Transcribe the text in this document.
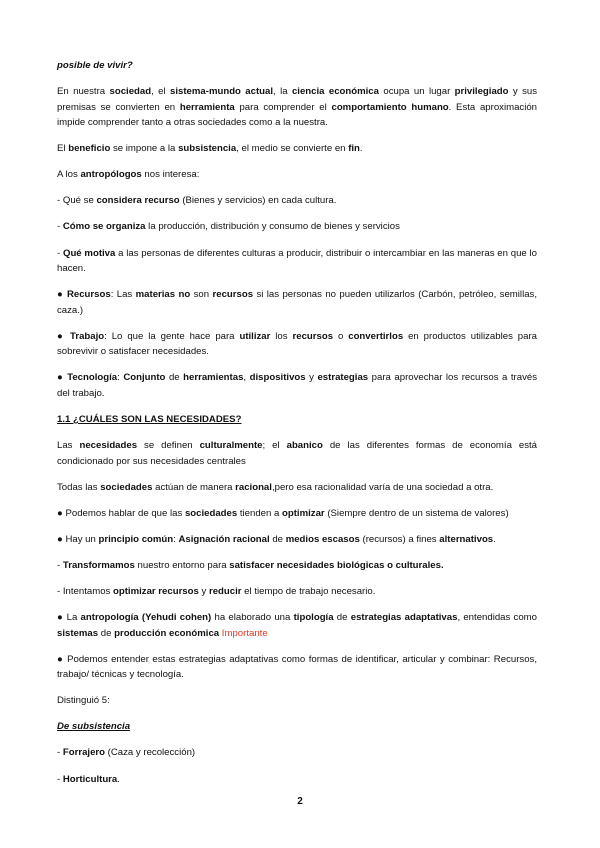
posible de vivir?

En nuestra sociedad, el sistema-mundo actual, la ciencia económica ocupa un lugar privilegiado y sus premisas se convierten en herramienta para comprender el comportamiento humano. Esta aproximación impide comprender tanto a otras sociedades como a la nuestra.

El beneficio se impone a la subsistencia, el medio se convierte en fin.

A los antropólogos nos interesa:

- Qué se considera recurso (Bienes y servicios) en cada cultura.

- Cómo se organiza la producción, distribución y consumo de bienes y servicios

- Qué motiva a las personas de diferentes culturas a producir, distribuir o intercambiar en las maneras en que lo hacen.

● Recursos: Las materias no son recursos si las personas no pueden utilizarlos (Carbón, petróleo, semillas, caza.)

● Trabajo: Lo que la gente hace para utilizar los recursos o convertirlos en productos utilizables para sobrevivir o satisfacer necesidades.

● Tecnología: Conjunto de herramientas, dispositivos y estrategias para aprovechar los recursos a través del trabajo.

1.1 ¿CUÁLES SON LAS NECESIDADES?

Las necesidades se definen culturalmente; el abanico de las diferentes formas de economía está condicionado por sus necesidades centrales

Todas las sociedades actúan de manera racional,pero esa racionalidad varía de una sociedad a otra.

● Podemos hablar de que las sociedades tienden a optimizar (Siempre dentro de un sistema de valores)

● Hay un principio común: Asignación racional de medios escasos (recursos) a fines alternativos.

- Transformamos nuestro entorno para satisfacer necesidades biológicas o culturales.

- Intentamos optimizar recursos y reducir el tiempo de trabajo necesario.

● La antropología (Yehudi cohen) ha elaborado una tipología de estrategias adaptativas, entendidas como sistemas de producción económica Importante

● Podemos entender estas estrategias adaptativas como formas de identificar, articular y combinar: Recursos, trabajo/ técnicas y tecnología.

Distinguió 5:

De subsistencia

- Forrajero (Caza y recolección)

- Horticultura.

2
